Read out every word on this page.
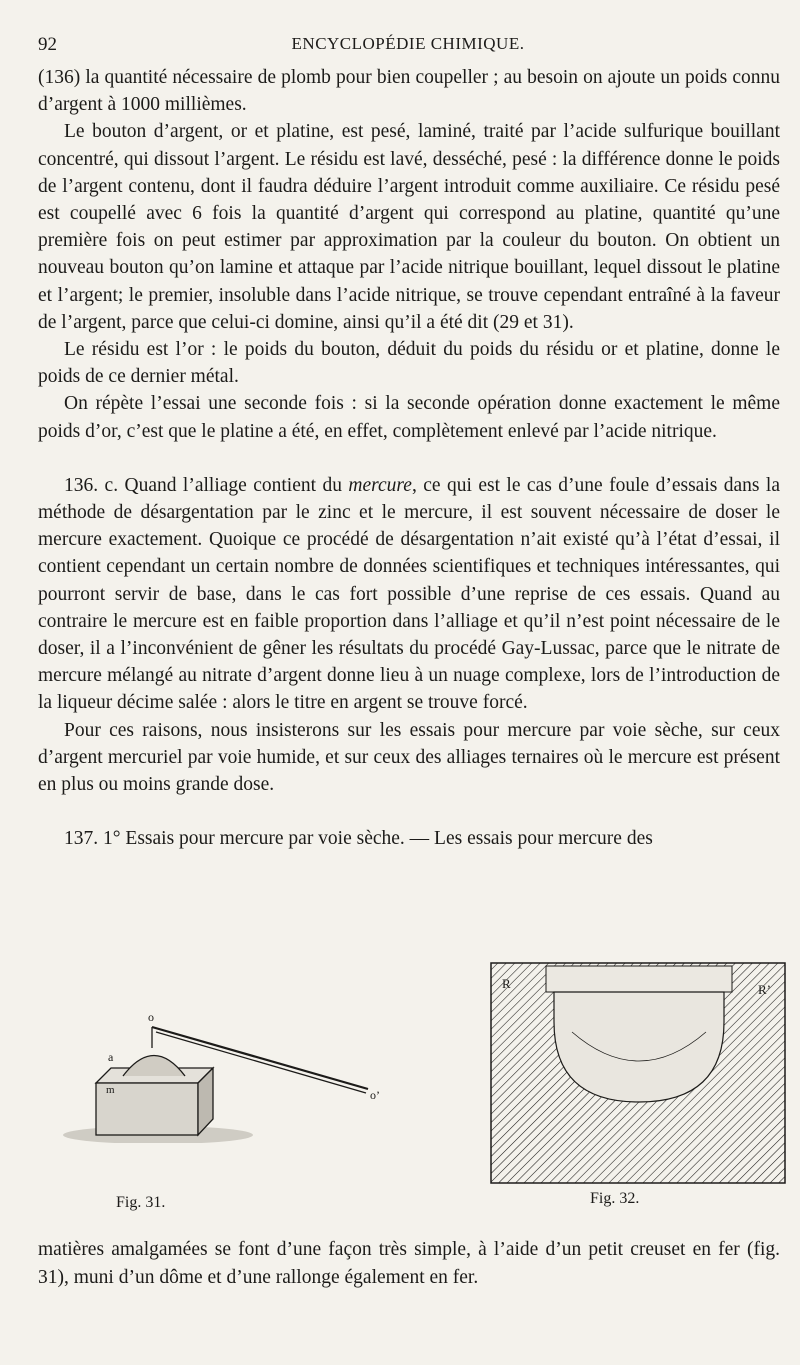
92	ENCYCLOPÉDIE CHIMIQUE.

(136) la quantité nécessaire de plomb pour bien coupeller ; au besoin on ajoute un poids connu d’argent à 1000 millièmes.

Le bouton d’argent, or et platine, est pesé, laminé, traité par l’acide sulfurique bouillant concentré, qui dissout l’argent. Le résidu est lavé, desséché, pesé : la différence donne le poids de l’argent contenu, dont il faudra déduire l’argent introduit comme auxiliaire. Ce résidu pesé est coupellé avec 6 fois la quantité d’argent qui correspond au platine, quantité qu’une première fois on peut estimer par approximation par la couleur du bouton. On obtient un nouveau bouton qu’on lamine et attaque par l’acide nitrique bouillant, lequel dissout le platine et l’argent; le premier, insoluble dans l’acide nitrique, se trouve cependant entraîné à la faveur de l’argent, parce que celui-ci domine, ainsi qu’il a été dit (29 et 31).

Le résidu est l’or : le poids du bouton, déduit du poids du résidu or et platine, donne le poids de ce dernier métal.

On répète l’essai une seconde fois : si la seconde opération donne exactement le même poids d’or, c’est que le platine a été, en effet, complètement enlevé par l’acide nitrique.

136. c. Quand l’alliage contient du mercure, ce qui est le cas d’une foule d’essais dans la méthode de désargentation par le zinc et le mercure, il est souvent nécessaire de doser le mercure exactement. Quoique ce procédé de désargentation n’ait existé qu’à l’état d’essai, il contient cependant un certain nombre de données scientifiques et techniques intéressantes, qui pourront servir de base, dans le cas fort possible d’une reprise de ces essais. Quand au contraire le mercure est en faible proportion dans l’alliage et qu’il n’est point nécessaire de le doser, il a l’inconvénient de gêner les résultats du procédé Gay-Lussac, parce que le nitrate de mercure mélangé au nitrate d’argent donne lieu à un nuage complexe, lors de l’introduction de la liqueur décime salée : alors le titre en argent se trouve forcé.

Pour ces raisons, nous insisterons sur les essais pour mercure par voie sèche, sur ceux d’argent mercuriel par voie humide, et sur ceux des alliages ternaires où le mercure est présent en plus ou moins grande dose.

137. 1° Essais pour mercure par voie sèche. — Les essais pour mercure des

o
o’
a
m
R	R’
Fig. 31.	Fig. 32.

matières amalgamées se font d’une façon très simple, à l’aide d’un petit creuset en fer (fig. 31), muni d’un dôme et d’une rallonge également en fer.
